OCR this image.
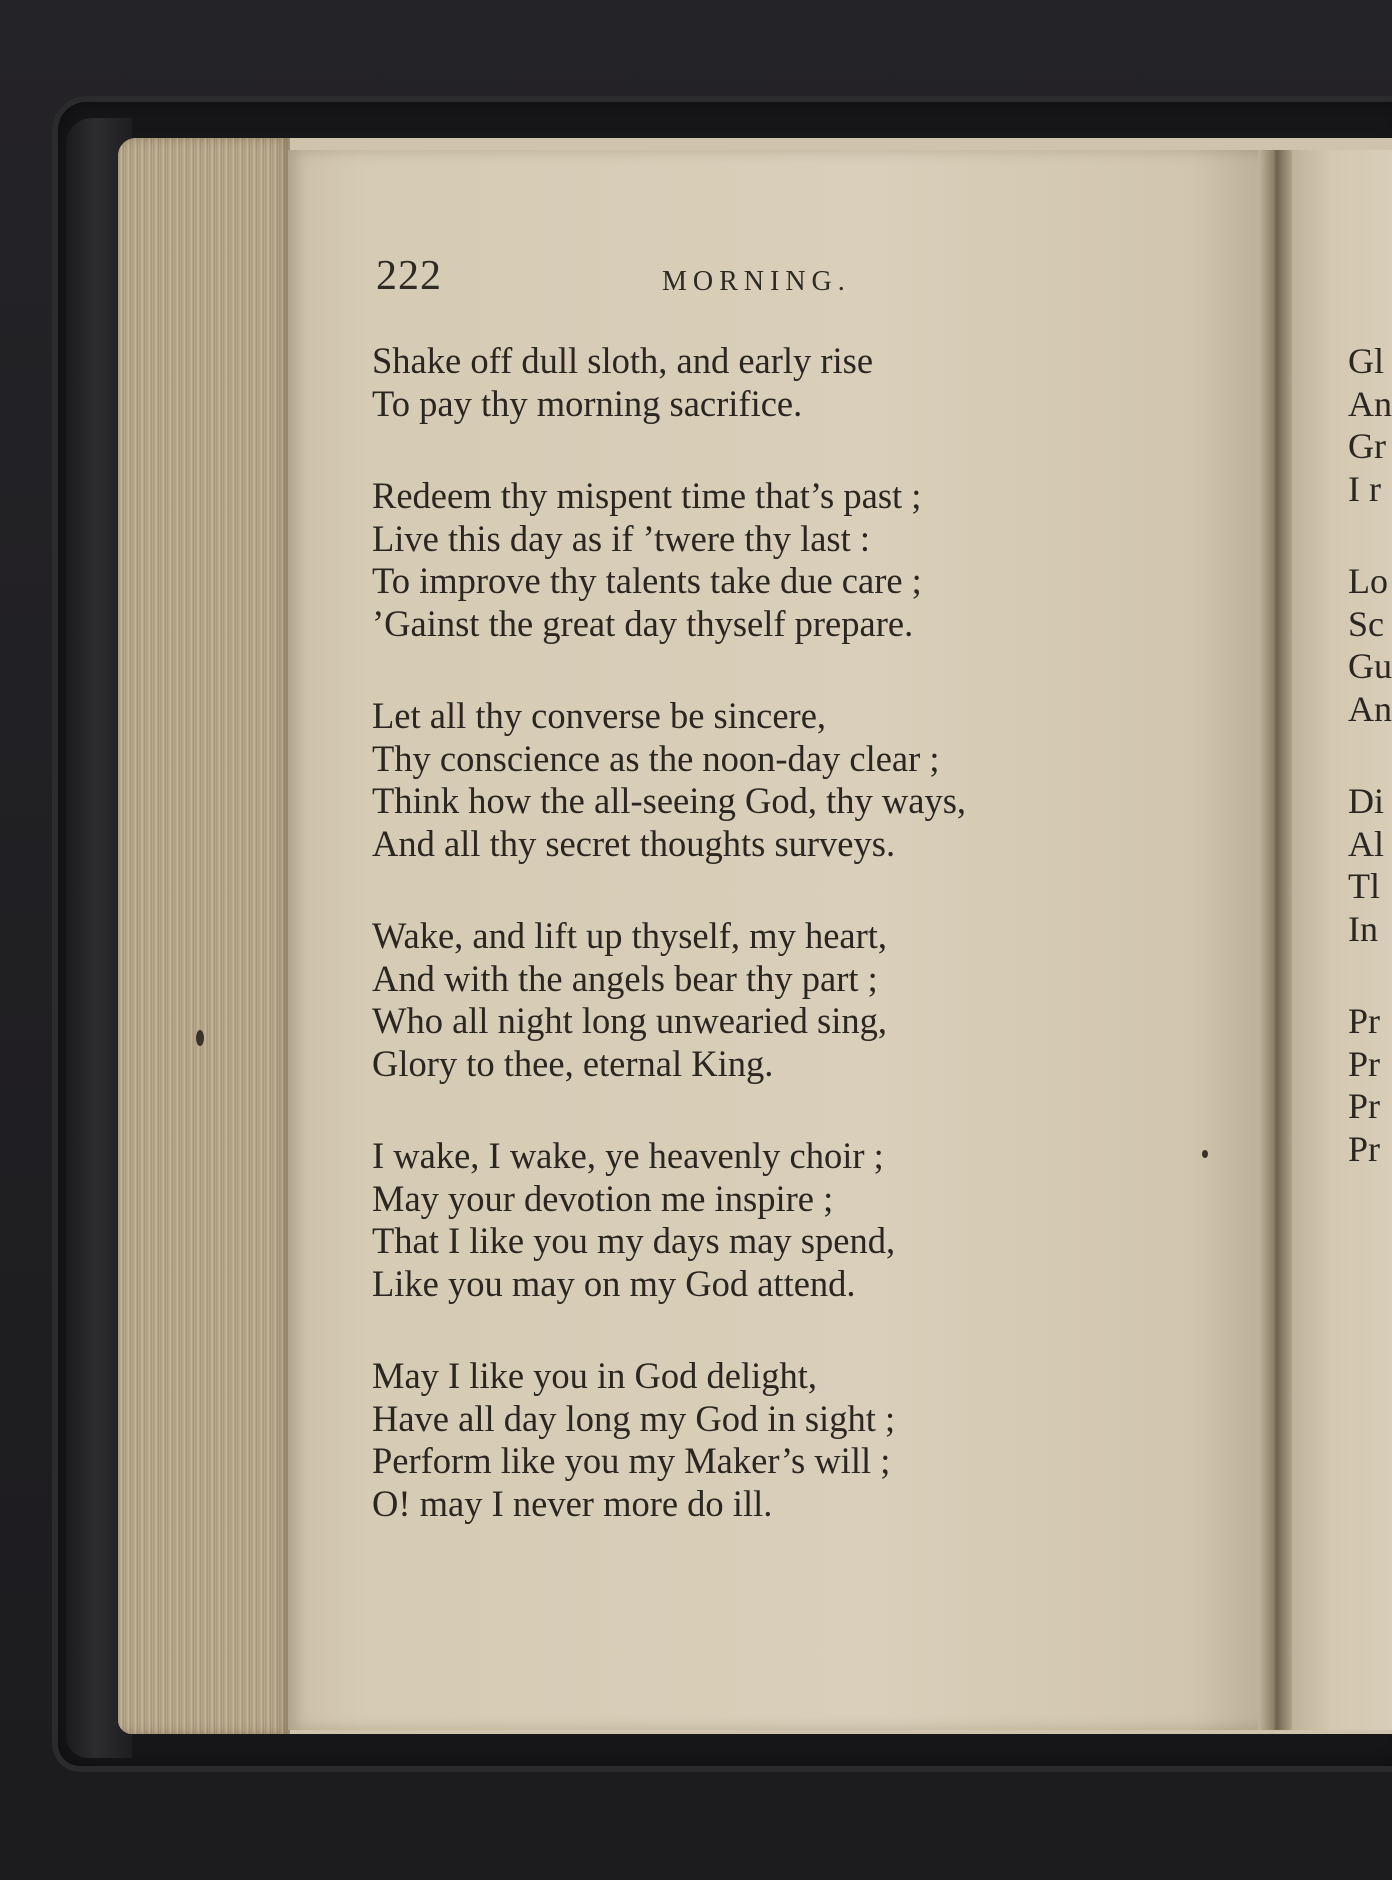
222	MORNING.
Shake off dull sloth, and early rise
To pay thy morning sacrifice.
Redeem thy mispent time that’s past ;
Live this day as if ’twere thy last :
To improve thy talents take due care ;
’Gainst the great day thyself prepare.
Let all thy converse be sincere,
Thy conscience as the noon-day clear ;
Think how the all-seeing God, thy ways,
And all thy secret thoughts surveys.
Wake, and lift up thyself, my heart,
And with the angels bear thy part ;
Who all night long unwearied sing,
Glory to thee, eternal King.
I wake, I wake, ye heavenly choir ;
May your devotion me inspire ;
That I like you my days may spend,
Like you may on my God attend.
May I like you in God delight,
Have all day long my God in sight ;
Perform like you my Maker’s will ;
O! may I never more do ill.
Gl
An
Gr
I r
Lo
Sc
Gu
An
Di
Al
Tl
In
Pr
Pr
Pr
Pr
